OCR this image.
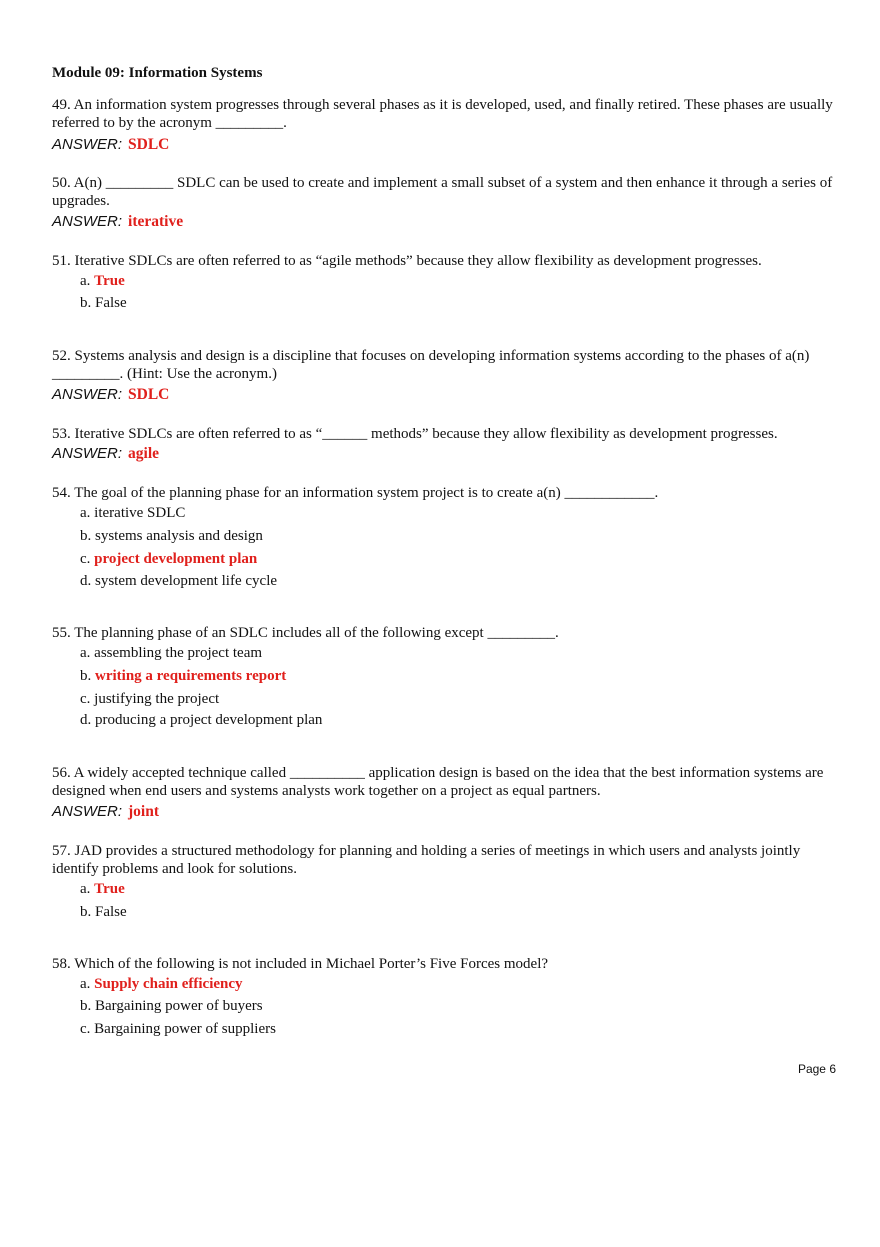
Module 09: Information Systems
49. An information system progresses through several phases as it is developed, used, and finally retired. These phases are usually referred to by the acronym _________.
ANSWER: SDLC
50. A(n) _________ SDLC can be used to create and implement a small subset of a system and then enhance it through a series of upgrades.
ANSWER: iterative
51. Iterative SDLCs are often referred to as “agile methods” because they allow flexibility as development progresses.
a. True
b. False
52. Systems analysis and design is a discipline that focuses on developing information systems according to the phases of a(n) _________. (Hint: Use the acronym.)
ANSWER: SDLC
53. Iterative SDLCs are often referred to as “______ methods” because they allow flexibility as development progresses.
ANSWER: agile
54. The goal of the planning phase for an information system project is to create a(n) ____________.
a. iterative SDLC
b. systems analysis and design
c. project development plan
d. system development life cycle
55. The planning phase of an SDLC includes all of the following except _________.
a. assembling the project team
b. writing a requirements report
c. justifying the project
d. producing a project development plan
56. A widely accepted technique called __________ application design is based on the idea that the best information systems are designed when end users and systems analysts work together on a project as equal partners.
ANSWER: joint
57. JAD provides a structured methodology for planning and holding a series of meetings in which users and analysts jointly identify problems and look for solutions.
a. True
b. False
58. Which of the following is not included in Michael Porter’s Five Forces model?
a. Supply chain efficiency
b. Bargaining power of buyers
c. Bargaining power of suppliers
Page 6
